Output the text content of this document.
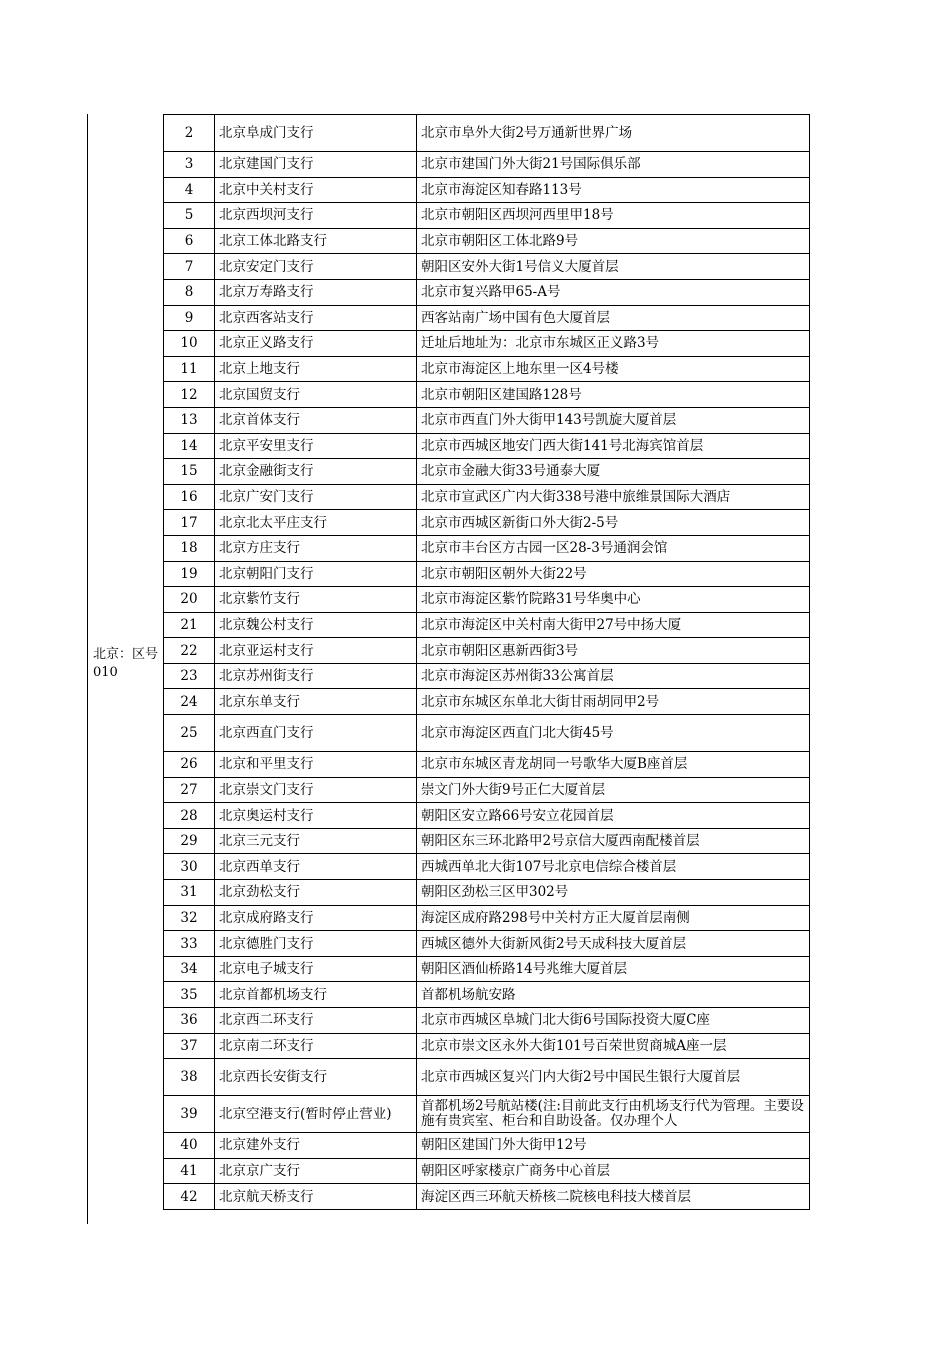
北京：区号010
2	北京阜成门支行	北京市阜外大街2号万通新世界广场
3	北京建国门支行	北京市建国门外大街21号国际俱乐部
4	北京中关村支行	北京市海淀区知春路113号
5	北京西坝河支行	北京市朝阳区西坝河西里甲18号
6	北京工体北路支行	北京市朝阳区工体北路9号
7	北京安定门支行	朝阳区安外大街1号信义大厦首层
8	北京万寿路支行	北京市复兴路甲65-A号
9	北京西客站支行	西客站南广场中国有色大厦首层
10	北京正义路支行	迁址后地址为：北京市东城区正义路3号
11	北京上地支行	北京市海淀区上地东里一区4号楼
12	北京国贸支行	北京市朝阳区建国路128号
13	北京首体支行	北京市西直门外大街甲143号凯旋大厦首层
14	北京平安里支行	北京市西城区地安门西大街141号北海宾馆首层
15	北京金融街支行	北京市金融大街33号通泰大厦
16	北京广安门支行	北京市宣武区广内大街338号港中旅维景国际大酒店
17	北京北太平庄支行	北京市西城区新街口外大街2-5号
18	北京方庄支行	北京市丰台区方古园一区28-3号通润会馆
19	北京朝阳门支行	北京市朝阳区朝外大街22号
20	北京紫竹支行	北京市海淀区紫竹院路31号华奥中心
21	北京魏公村支行	北京市海淀区中关村南大街甲27号中扬大厦
22	北京亚运村支行	北京市朝阳区惠新西街3号
23	北京苏州街支行	北京市海淀区苏州街33公寓首层
24	北京东单支行	北京市东城区东单北大街甘雨胡同甲2号
25	北京西直门支行	北京市海淀区西直门北大街45号
26	北京和平里支行	北京市东城区青龙胡同一号歌华大厦B座首层
27	北京崇文门支行	崇文门外大街9号正仁大厦首层
28	北京奥运村支行	朝阳区安立路66号安立花园首层
29	北京三元支行	朝阳区东三环北路甲2号京信大厦西南配楼首层
30	北京西单支行	西城西单北大街107号北京电信综合楼首层
31	北京劲松支行	朝阳区劲松三区甲302号
32	北京成府路支行	海淀区成府路298号中关村方正大厦首层南侧
33	北京德胜门支行	西城区德外大街新风街2号天成科技大厦首层
34	北京电子城支行	朝阳区酒仙桥路14号兆维大厦首层
35	北京首都机场支行	首都机场航安路
36	北京西二环支行	北京市西城区阜城门北大街6号国际投资大厦C座
37	北京南二环支行	北京市崇文区永外大街101号百荣世贸商城A座一层
38	北京西长安街支行	北京市西城区复兴门内大街2号中国民生银行大厦首层
39	北京空港支行(暂时停止营业)	首都机场2号航站楼(注:目前此支行由机场支行代为管理。主要设施有贵宾室、柜台和自助设备。仅办理个人

40	北京建外支行	朝阳区建国门外大街甲12号
41	北京京广支行	朝阳区呼家楼京广商务中心首层
42	北京航天桥支行	海淀区西三环航天桥核二院核电科技大楼首层
